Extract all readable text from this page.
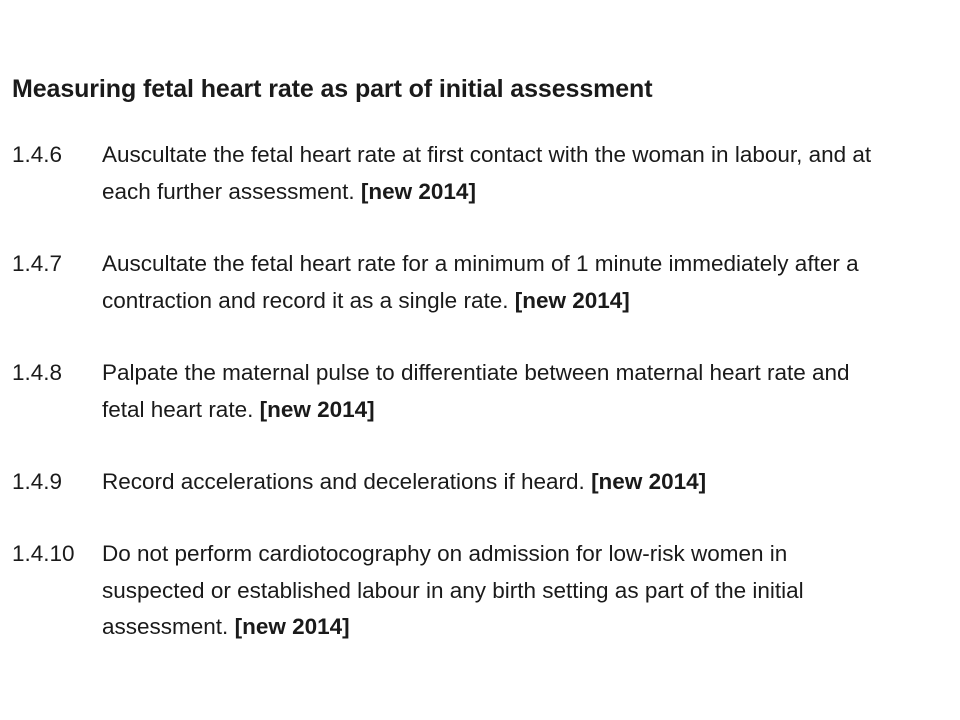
Measuring fetal heart rate as part of initial assessment
1.4.6 Auscultate the fetal heart rate at first contact with the woman in labour, and at
each further assessment. [new 2014]
1.4.7 Auscultate the fetal heart rate for a minimum of 1 minute immediately after a
contraction and record it as a single rate. [new 2014]
1.4.8 Palpate the maternal pulse to differentiate between maternal heart rate and
fetal heart rate. [new 2014]
1.4.9 Record accelerations and decelerations if heard. [new 2014]
1.4.10 Do not perform cardiotocography on admission for low-risk women in
suspected or established labour in any birth setting as part of the initial
assessment. [new 2014]
